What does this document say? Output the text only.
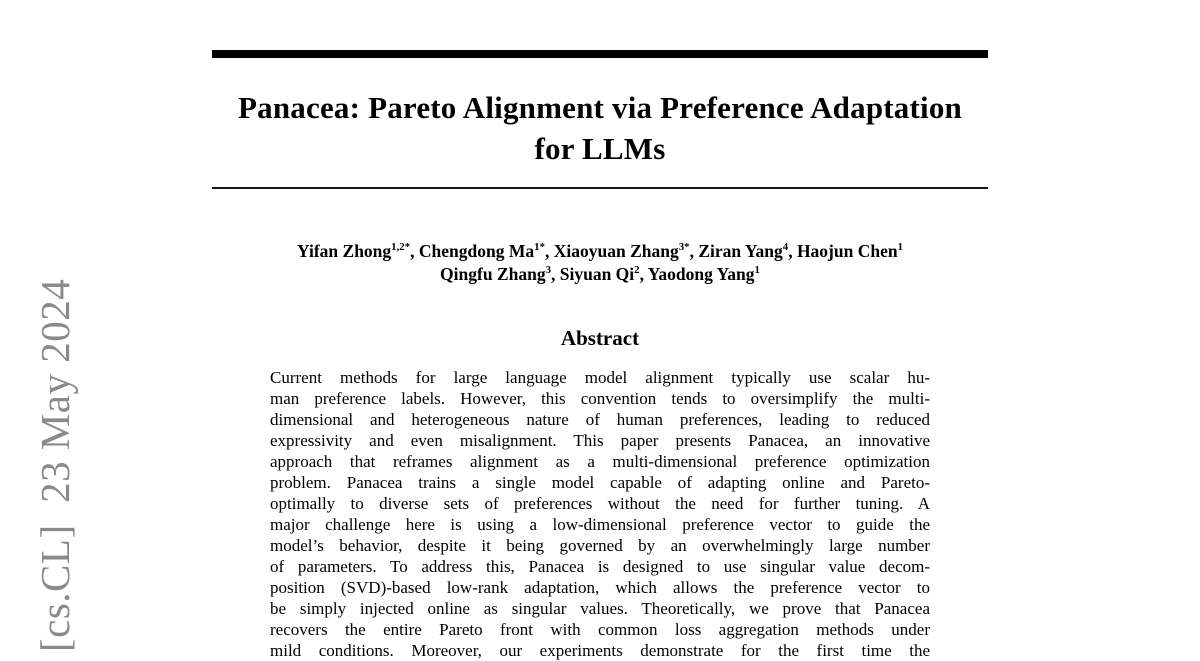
[cs.CL]  23 May 2024
Panacea: Pareto Alignment via Preference Adaptation
for LLMs
Yifan Zhong$^{1,2*}$, Chengdong $Ma^{1*}$, Xiaoyuan Zhang$^{3*}$, Ziran Yang$^4$, Haojun Chen$^1$
Qingfu Zhang$^3$, Siyuan Qi$^2$, Yaodong Yang$^1$
Abstract
Current methods for large language model alignment typically use scalar hu-
man preference labels. However, this convention tends to oversimplify the multi-
dimensional and heterogeneous nature of human preferences, leading to reduced
expressivity and even misalignment. This paper presents Panacea, an innovative
approach that reframes alignment as a multi-dimensional preference optimization
problem. Panacea trains a single model capable of adapting online and Pareto-
optimally to diverse sets of preferences without the need for further tuning. A
major challenge here is using a low-dimensional preference vector to guide the
model’s behavior, despite it being governed by an overwhelmingly large number
of parameters. To address this, Panacea is designed to use singular value decom-
position (SVD)-based low-rank adaptation, which allows the preference vector to
be simply injected online as singular values. Theoretically, we prove that Panacea
recovers the entire Pareto front with common loss aggregation methods under
mild conditions. Moreover, our experiments demonstrate for the first time the
